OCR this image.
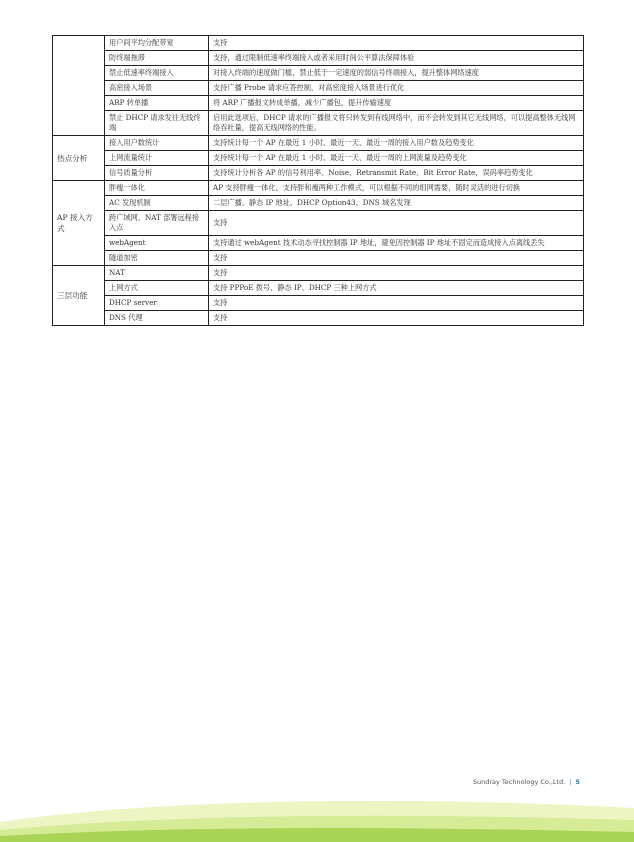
	用户间平均分配带宽	支持
	防终端拖滞	支持，通过限制低速率终端接入或者采用时间公平算法保障体验
	禁止低速率终端接入	对接入终端的速度做门槛，禁止低于一定速度的弱信号终端接入，提升整体网络速度
	高密接入场景	支持广播 Probe 请求应答控制，对高密度接入场景进行优化
	ARP 转单播	将 ARP 广播报文转成单播，减少广播包，提升传输速度
	禁止 DHCP 请求发往无线终端	启用此选项后，DHCP 请求的广播报文将只转发到有线网络中，而不会转发到其它无线网络，可以提高整体无线网络吞吐量，提高无线网络的性能。
热点分析	接入用户数统计	支持统计每一个 AP 在最近 1 小时、最近一天、最近一周的接入用户数及趋势变化
	上网流量统计	支持统计每一个 AP 在最近 1 小时、最近一天、最近一周的上网流量及趋势变化
	信号质量分析	支持统计分析各 AP 的信号利用率、Noise、Retransmit Rate、Bit Error Rate，误码率趋势变化
AP 接入方式	胖瘦一体化	AP 支持胖瘦一体化，支持胖和瘦两种工作模式，可以根据不同的组网需要，随时灵活的进行切换
	AC 发现机制	二层广播、静态 IP 地址、DHCP Option43、DNS 域名发现
	跨广域网、NAT 部署远程接入点	支持
	webAgent	支持通过 webAgent 技术动态寻找控制器 IP 地址，避免因控制器 IP 地址不固定而造成接入点离线丢失
	隧道加密	支持
三层功能	NAT	支持
	上网方式	支持 PPPoE 拨号、静态 IP、DHCP 三种上网方式
	DHCP server	支持
	DNS 代理	支持
Sundray Technology Co.,Ltd. | 5
